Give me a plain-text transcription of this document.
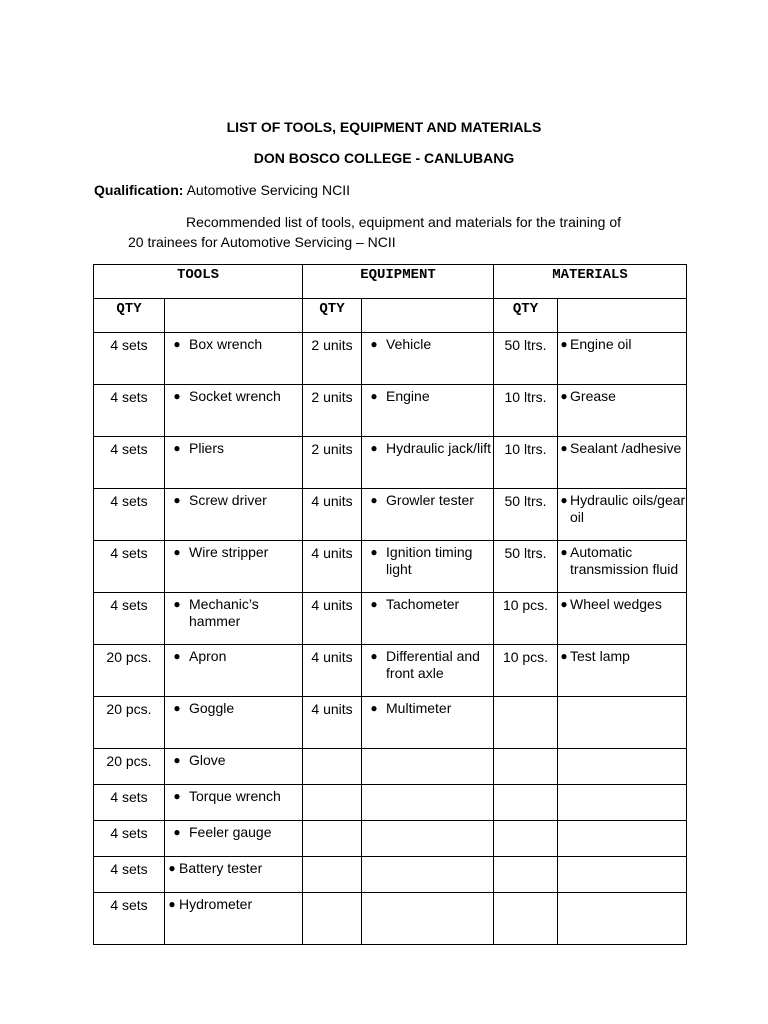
LIST OF TOOLS, EQUIPMENT AND MATERIALS
DON BOSCO COLLEGE - CANLUBANG
Qualification: Automotive Servicing NCII
Recommended list of tools, equipment and materials for the training of
20 trainees for Automotive Servicing – NCII
TOOLS		EQUIPMENT		MATERIALS	
QTY		QTY		QTY	
4 sets	● Box wrench	2 units	● Vehicle	50 ltrs.	● Engine oil

4 sets	● Socket wrench	2 units	● Engine	10 ltrs.	● Grease

4 sets	● Pliers	2 units	● Hydraulic jack/lift	10 ltrs.	● Sealant /adhesive

4 sets	● Screw driver	4 units	● Growler tester	50 ltrs.	● Hydraulic oils/gear oil

4 sets	● Wire stripper	4 units	● Ignition timing light	50 ltrs.	● Automatic transmission fluid

4 sets	● Mechanic’s hammer	4 units	● Tachometer	10 pcs.	● Wheel wedges

20 pcs.	● Apron	4 units	● Differential and front axle	10 pcs.	● Test lamp

20 pcs.	● Goggle	4 units	● Multimeter		

20 pcs.	● Glove				

4 sets	● Torque wrench				

4 sets	● Feeler gauge				

4 sets	● Battery tester				

4 sets	● Hydrometer				
